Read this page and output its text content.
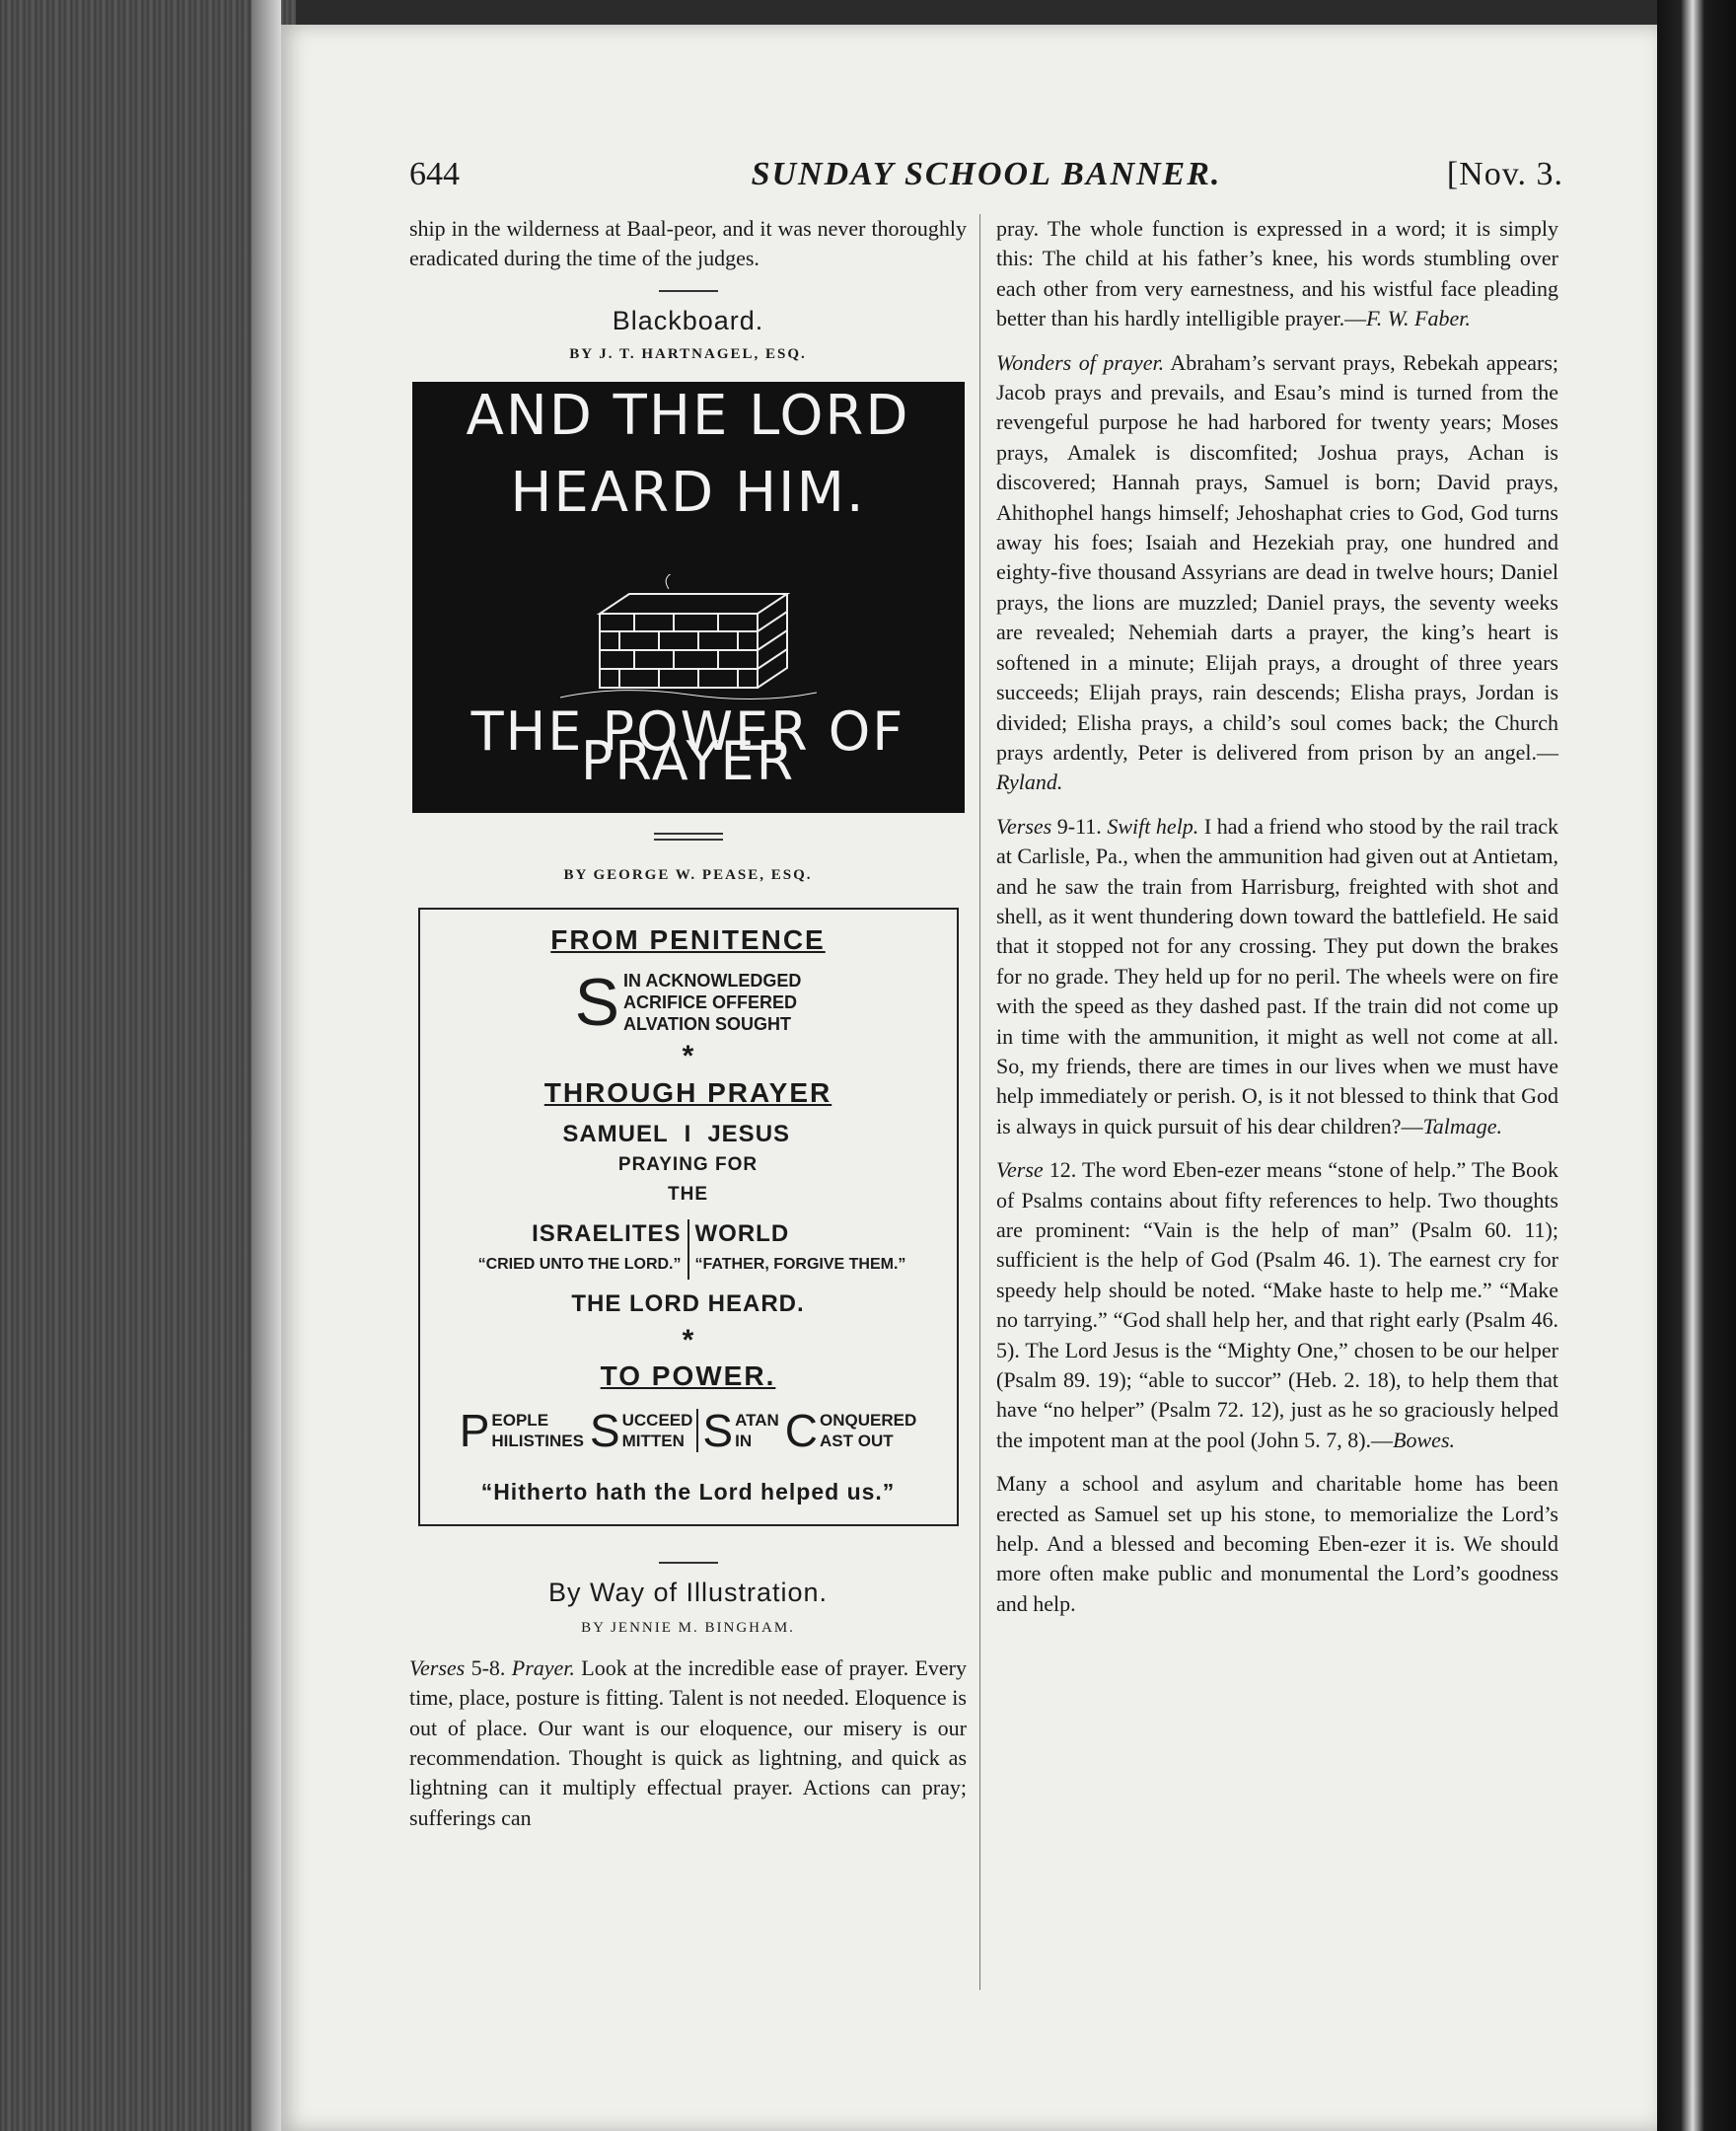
644	SUNDAY SCHOOL BANNER.	[Nov. 3.

ship in the wilderness at Baal-peor, and it was never thoroughly eradicated during the time of the judges.

Blackboard.
BY J. T. HARTNAGEL, ESQ.
AND THE LORD
HEARD HIM.
THE POWER OF PRAYER
BY GEORGE W. PEASE, ESQ.
FROM PENITENCE
S IN ACKNOWLEDGED
ACRIFICE OFFERED
ALVATION SOUGHT
*
THROUGH PRAYER
SAMUEL I JESUS
PRAYING FOR
THE
ISRAELITES
“CRIED UNTO THE LORD.”
WORLD
“FATHER, FORGIVE THEM.”
THE LORD HEARD.
*
TO POWER.
P EOPLE
HILISTINES S UCCEED
MITTEN S ATAN
IN C ONQUERED
AST OUT
“Hitherto hath the Lord helped us.”
By Way of Illustration.
BY JENNIE M. BINGHAM.

Verses 5-8. Prayer. Look at the incredible ease of prayer. Every time, place, posture is fitting. Talent is not needed. Eloquence is out of place. Our want is our eloquence, our misery is our recommendation. Thought is quick as lightning, and quick as lightning can it multiply effectual prayer. Actions can pray; sufferings can

pray. The whole function is expressed in a word; it is simply this: The child at his father’s knee, his words stumbling over each other from very earnestness, and his wistful face pleading better than his hardly intelligible prayer.—F. W. Faber.

Wonders of prayer. Abraham’s servant prays, Rebekah appears; Jacob prays and prevails, and Esau’s mind is turned from the revengeful purpose he had harbored for twenty years; Moses prays, Amalek is discomfited; Joshua prays, Achan is discovered; Hannah prays, Samuel is born; David prays, Ahithophel hangs himself; Jehoshaphat cries to God, God turns away his foes; Isaiah and Hezekiah pray, one hundred and eighty-five thousand Assyrians are dead in twelve hours; Daniel prays, the lions are muzzled; Daniel prays, the seventy weeks are revealed; Nehemiah darts a prayer, the king’s heart is softened in a minute; Elijah prays, a drought of three years succeeds; Elijah prays, rain descends; Elisha prays, Jordan is divided; Elisha prays, a child’s soul comes back; the Church prays ardently, Peter is delivered from prison by an angel.—Ryland.

Verses 9-11. Swift help. I had a friend who stood by the rail track at Carlisle, Pa., when the ammunition had given out at Antietam, and he saw the train from Harrisburg, freighted with shot and shell, as it went thundering down toward the battlefield. He said that it stopped not for any crossing. They put down the brakes for no grade. They held up for no peril. The wheels were on fire with the speed as they dashed past. If the train did not come up in time with the ammunition, it might as well not come at all. So, my friends, there are times in our lives when we must have help immediately or perish. O, is it not blessed to think that God is always in quick pursuit of his dear children?—Talmage.

Verse 12. The word Eben-ezer means “stone of help.” The Book of Psalms contains about fifty references to help. Two thoughts are prominent: “Vain is the help of man” (Psalm 60. 11); sufficient is the help of God (Psalm 46. 1). The earnest cry for speedy help should be noted. “Make haste to help me.” “Make no tarrying.” “God shall help her, and that right early (Psalm 46. 5). The Lord Jesus is the “Mighty One,” chosen to be our helper (Psalm 89. 19); “able to succor” (Heb. 2. 18), to help them that have “no helper” (Psalm 72. 12), just as he so graciously helped the impotent man at the pool (John 5. 7, 8).—Bowes.

Many a school and asylum and charitable home has been erected as Samuel set up his stone, to memorialize the Lord’s help. And a blessed and becoming Eben-ezer it is. We should more often make public and monumental the Lord’s goodness and help.
